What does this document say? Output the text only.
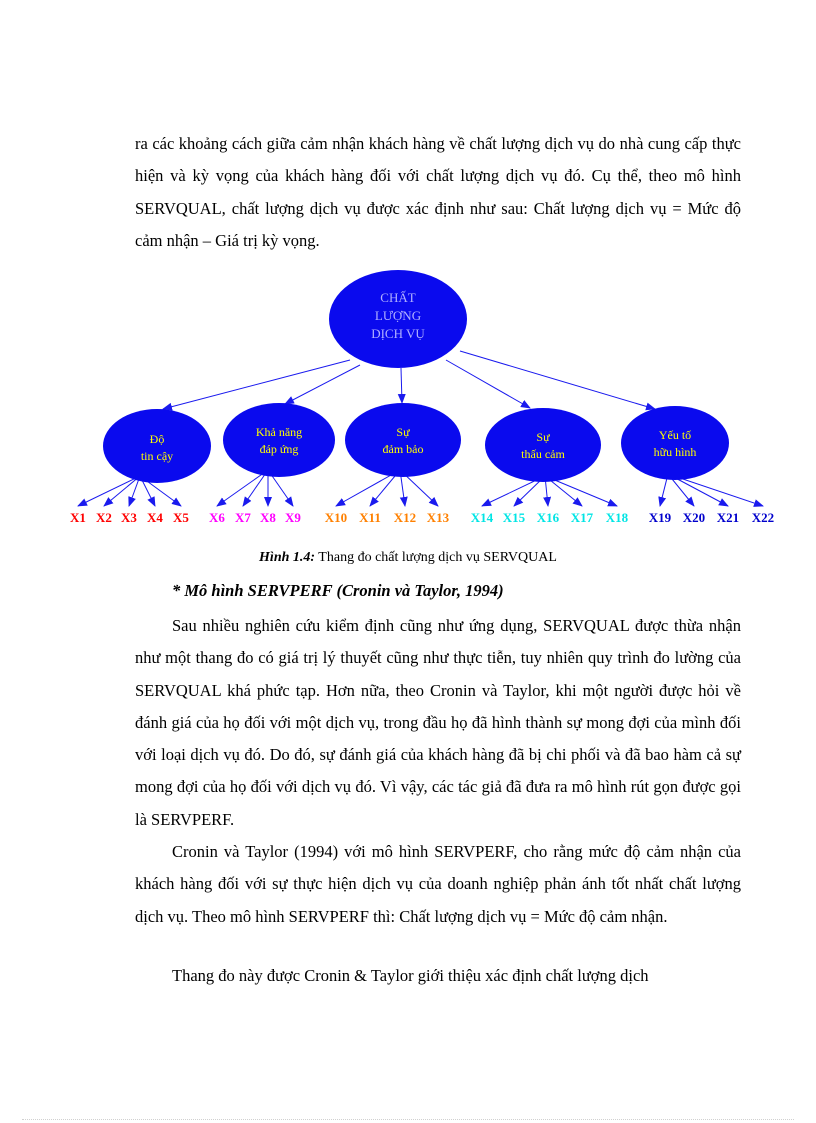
ra các khoảng cách giữa cảm nhận khách hàng về chất lượng dịch vụ do nhà cung cấp thực hiện và kỳ vọng của khách hàng đối với chất lượng dịch vụ đó. Cụ thể, theo mô hình SERVQUAL, chất lượng dịch vụ được xác định như sau: Chất lượng dịch vụ = Mức độ cảm nhận – Giá trị kỳ vọng.

CHẤT
LƯỢNG
DỊCH VỤ
Độ
tin cậy
Khả năng
đáp ứng
Sự
đảm bảo
Sự
thấu cảm
Yếu tố
hữu hình
X1 X2 X3 X4 X5 X6 X7 X8 X9 X10 X11 X12 X13 X14 X15 X16 X17 X18 X19 X20 X21 X22
Hình 1.4: Thang đo chất lượng dịch vụ SERVQUAL
* Mô hình SERVPERF (Cronin và Taylor, 1994)

Sau nhiều nghiên cứu kiểm định cũng như ứng dụng, SERVQUAL được thừa nhận như một thang đo có giá trị lý thuyết cũng như thực tiễn, tuy nhiên quy trình đo lường của SERVQUAL khá phức tạp. Hơn nữa, theo Cronin và Taylor, khi một người được hỏi về đánh giá của họ đối với một dịch vụ, trong đầu họ đã hình thành sự mong đợi của mình đối với loại dịch vụ đó. Do đó, sự đánh giá của khách hàng đã bị chi phối và đã bao hàm cả sự mong đợi của họ đối với dịch vụ đó. Vì vậy, các tác giả đã đưa ra mô hình rút gọn được gọi là SERVPERF.

Cronin và Taylor (1994) với mô hình SERVPERF, cho rằng mức độ cảm nhận của khách hàng đối với sự thực hiện dịch vụ của doanh nghiệp phản ánh tốt nhất chất lượng dịch vụ. Theo mô hình SERVPERF thì: Chất lượng dịch vụ = Mức độ cảm nhận.

Thang đo này được Cronin & Taylor giới thiệu xác định chất lượng dịch
